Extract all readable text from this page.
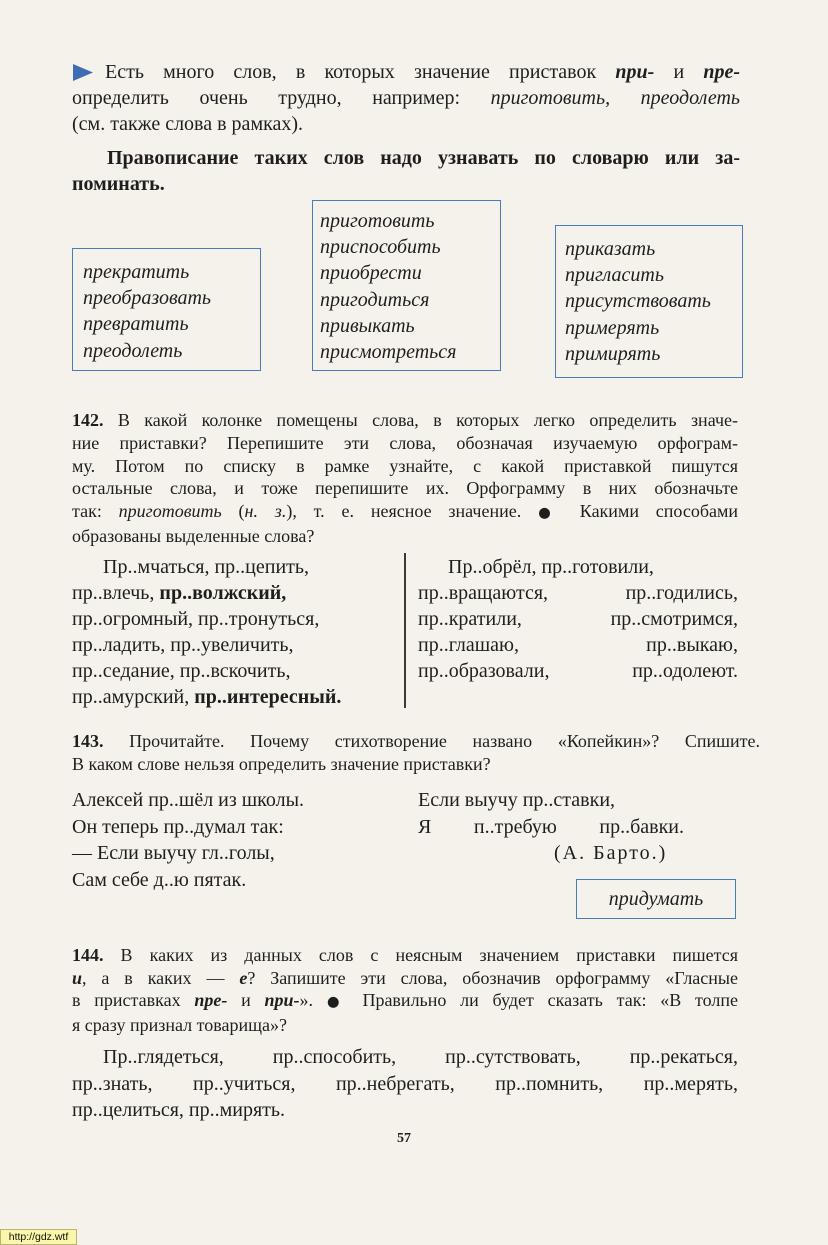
Есть много слов, в которых значение приставок при- и пре-
определить очень трудно, например: приготовить, преодолеть
(см. также слова в рамках).
Правописание таких слов надо узнавать по словарю или за-
поминать.
прекратить
преобразовать
превратить
преодолеть
приготовить
приспособить
приобрести
пригодиться
привыкать
присмотреться
приказать
пригласить
присутствовать
примерять
примирять
142. В какой колонке помещены слова, в которых легко определить значе-
ние приставки? Перепишите эти слова, обозначая изучаемую орфограм-
му. Потом по списку в рамке узнайте, с какой приставкой пишутся
остальные слова, и тоже перепишите их. Орфограмму в них обозначьте
так: приготовить (н. з.), т. е. неясное значение. ● Какими способами
образованы выделенные слова?
Пр..мчаться, пр..цепить,
пр..влечь, пр..волжский,
пр..огромный, пр..тронуться,
пр..ладить, пр..увеличить,
пр..седание, пр..вскочить,
пр..амурский, пр..интересный.
Пр..обрёл, пр..готовили,
пр..вращаются, пр..годились,
пр..кратили, пр..смотримся,
пр..глашаю, пр..выкаю,
пр..образовали, пр..одолеют.
143. Прочитайте. Почему стихотворение названо «Копейкин»? Спишите.
В каком слове нельзя определить значение приставки?
Алексей пр..шёл из школы.
Он теперь пр..думал так:
— Если выучу гл..голы,
Сам себе д..ю пятак.
Если выучу пр..ставки,
Я п..требую пр..бавки.
(А. Барто.)
придумать
144. В каких из данных слов с неясным значением приставки пишется
и, а в каких — е? Запишите эти слова, обозначив орфограмму «Гласные
в приставках пре- и при-». ● Правильно ли будет сказать так: «В толпе
я сразу признал товарища»?
Пр..глядеться, пр..способить, пр..сутствовать, пр..рекаться,
пр..знать, пр..учиться, пр..небрегать, пр..помнить, пр..мерять,
пр..целиться, пр..мирять.
57
http://gdz.wtf
